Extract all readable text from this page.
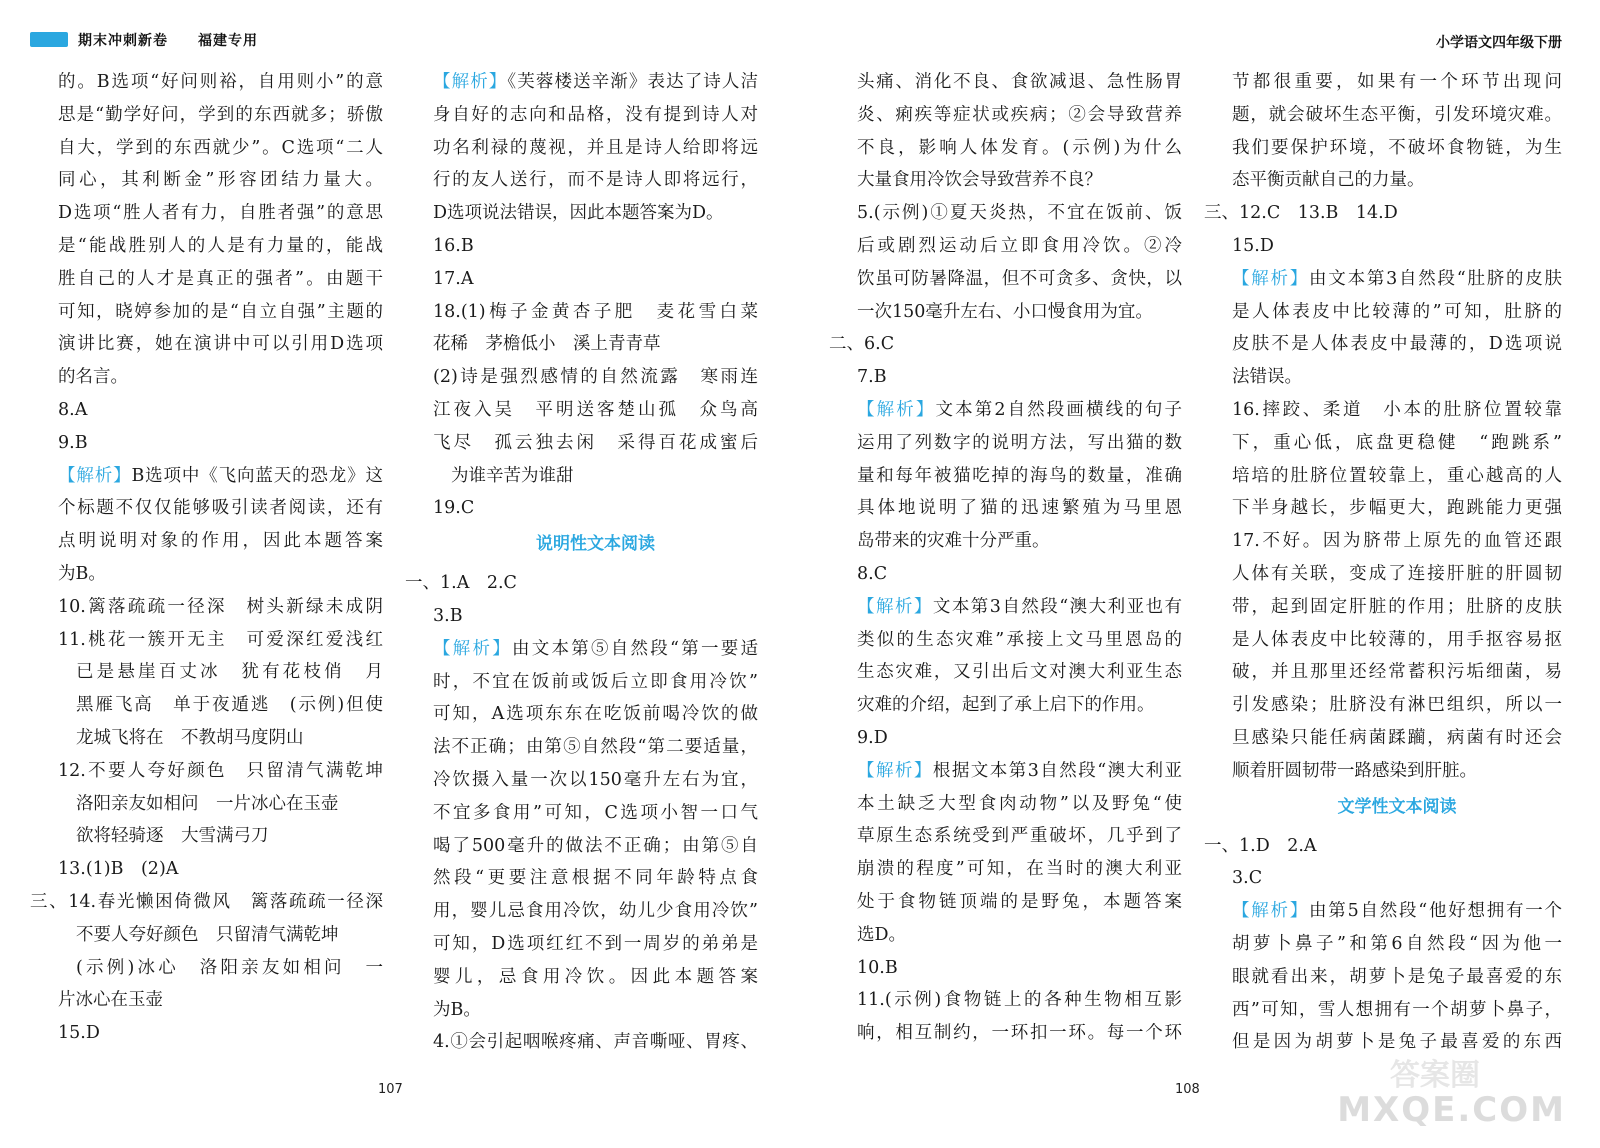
期末冲刺新卷 福建专用	小学语文四年级下册
的。B选项“好问则裕，自用则小”的意
思是“勤学好问，学到的东西就多；骄傲
自大，学到的东西就少”。C选项“二人
同心，其利断金”形容团结力量大。
D选项“胜人者有力，自胜者强”的意思
是“能战胜别人的人是有力量的，能战
胜自己的人才是真正的强者”。由题干
可知，晓婷参加的是“自立自强”主题的
演讲比赛，她在演讲中可以引用D选项
的名言。
8.A
9.B
【解析】B选项中《飞向蓝天的恐龙》这
个标题不仅仅能够吸引读者阅读，还有
点明说明对象的作用，因此本题答案
为B。
10.篱落疏疏一径深　树头新绿未成阴
11.桃花一簇开无主　可爱深红爱浅红
已是悬崖百丈冰　犹有花枝俏　月
黑雁飞高　单于夜遁逃　(示例)但使
龙城飞将在　不教胡马度阴山
12.不要人夸好颜色　只留清气满乾坤
洛阳亲友如相问　一片冰心在玉壶
欲将轻骑逐　大雪满弓刀
13.(1)B　(2)A
三、14.春光懒困倚微风　篱落疏疏一径深
不要人夸好颜色　只留清气满乾坤
(示例)冰心　洛阳亲友如相问　一
片冰心在玉壶
15.D
【解析】《芙蓉楼送辛渐》表达了诗人洁
身自好的志向和品格，没有提到诗人对
功名利禄的蔑视，并且是诗人给即将远
行的友人送行，而不是诗人即将远行，
D选项说法错误，因此本题答案为D。
16.B
17.A
18.(1)梅子金黄杏子肥　麦花雪白菜
花稀　茅檐低小　溪上青青草
(2)诗是强烈感情的自然流露　寒雨连
江夜入吴　平明送客楚山孤　众鸟高
飞尽　孤云独去闲　采得百花成蜜后
为谁辛苦为谁甜
19.C
说明性文本阅读
一、1.A　2.C
3.B
【解析】由文本第⑤自然段“第一要适
时，不宜在饭前或饭后立即食用冷饮”
可知，A选项东东在吃饭前喝冷饮的做
法不正确；由第⑤自然段“第二要适量，
冷饮摄入量一次以150毫升左右为宜，
不宜多食用”可知，C选项小智一口气
喝了500毫升的做法不正确；由第⑤自
然段“更要注意根据不同年龄特点食
用，婴儿忌食用冷饮，幼儿少食用冷饮”
可知，D选项红红不到一周岁的弟弟是
婴儿，忌食用冷饮。因此本题答案
为B。
4.①会引起咽喉疼痛、声音嘶哑、胃疼、
头痛、消化不良、食欲减退、急性肠胃
炎、痢疾等症状或疾病；②会导致营养
不良，影响人体发育。(示例)为什么
大量食用冷饮会导致营养不良？
5.(示例)①夏天炎热，不宜在饭前、饭
后或剧烈运动后立即食用冷饮。②冷
饮虽可防暑降温，但不可贪多、贪快，以
一次150毫升左右、小口慢食用为宜。
二、6.C
7.B
【解析】文本第2自然段画横线的句子
运用了列数字的说明方法，写出猫的数
量和每年被猫吃掉的海鸟的数量，准确
具体地说明了猫的迅速繁殖为马里恩
岛带来的灾难十分严重。
8.C
【解析】文本第3自然段“澳大利亚也有
类似的生态灾难”承接上文马里恩岛的
生态灾难，又引出后文对澳大利亚生态
灾难的介绍，起到了承上启下的作用。
9.D
【解析】根据文本第3自然段“澳大利亚
本土缺乏大型食肉动物”以及野兔“使
草原生态系统受到严重破坏，几乎到了
崩溃的程度”可知，在当时的澳大利亚
处于食物链顶端的是野兔，本题答案
选D。
10.B
11.(示例)食物链上的各种生物相互影
响，相互制约，一环扣一环。每一个环
节都很重要，如果有一个环节出现问
题，就会破坏生态平衡，引发环境灾难。
我们要保护环境，不破坏食物链，为生
态平衡贡献自己的力量。
三、12.C　13.B　14.D
15.D
【解析】由文本第3自然段“肚脐的皮肤
是人体表皮中比较薄的”可知，肚脐的
皮肤不是人体表皮中最薄的，D选项说
法错误。
16.摔跤、柔道　小本的肚脐位置较靠
下，重心低，底盘更稳健　“跑跳系”
培培的肚脐位置较靠上，重心越高的人
下半身越长，步幅更大，跑跳能力更强
17.不好。因为脐带上原先的血管还跟
人体有关联，变成了连接肝脏的肝圆韧
带，起到固定肝脏的作用；肚脐的皮肤
是人体表皮中比较薄的，用手抠容易抠
破，并且那里还经常蓄积污垢细菌，易
引发感染；肚脐没有淋巴组织，所以一
旦感染只能任病菌蹂躏，病菌有时还会
顺着肝圆韧带一路感染到肝脏。
文学性文本阅读
一、1.D　2.A
3.C
【解析】由第5自然段“他好想拥有一个
胡萝卜鼻子”和第6自然段“因为他一
眼就看出来，胡萝卜是兔子最喜爱的东
西”可知，雪人想拥有一个胡萝卜鼻子，
但是因为胡萝卜是兔子最喜爱的东西
107	108	答案圈
MXQE.COM
